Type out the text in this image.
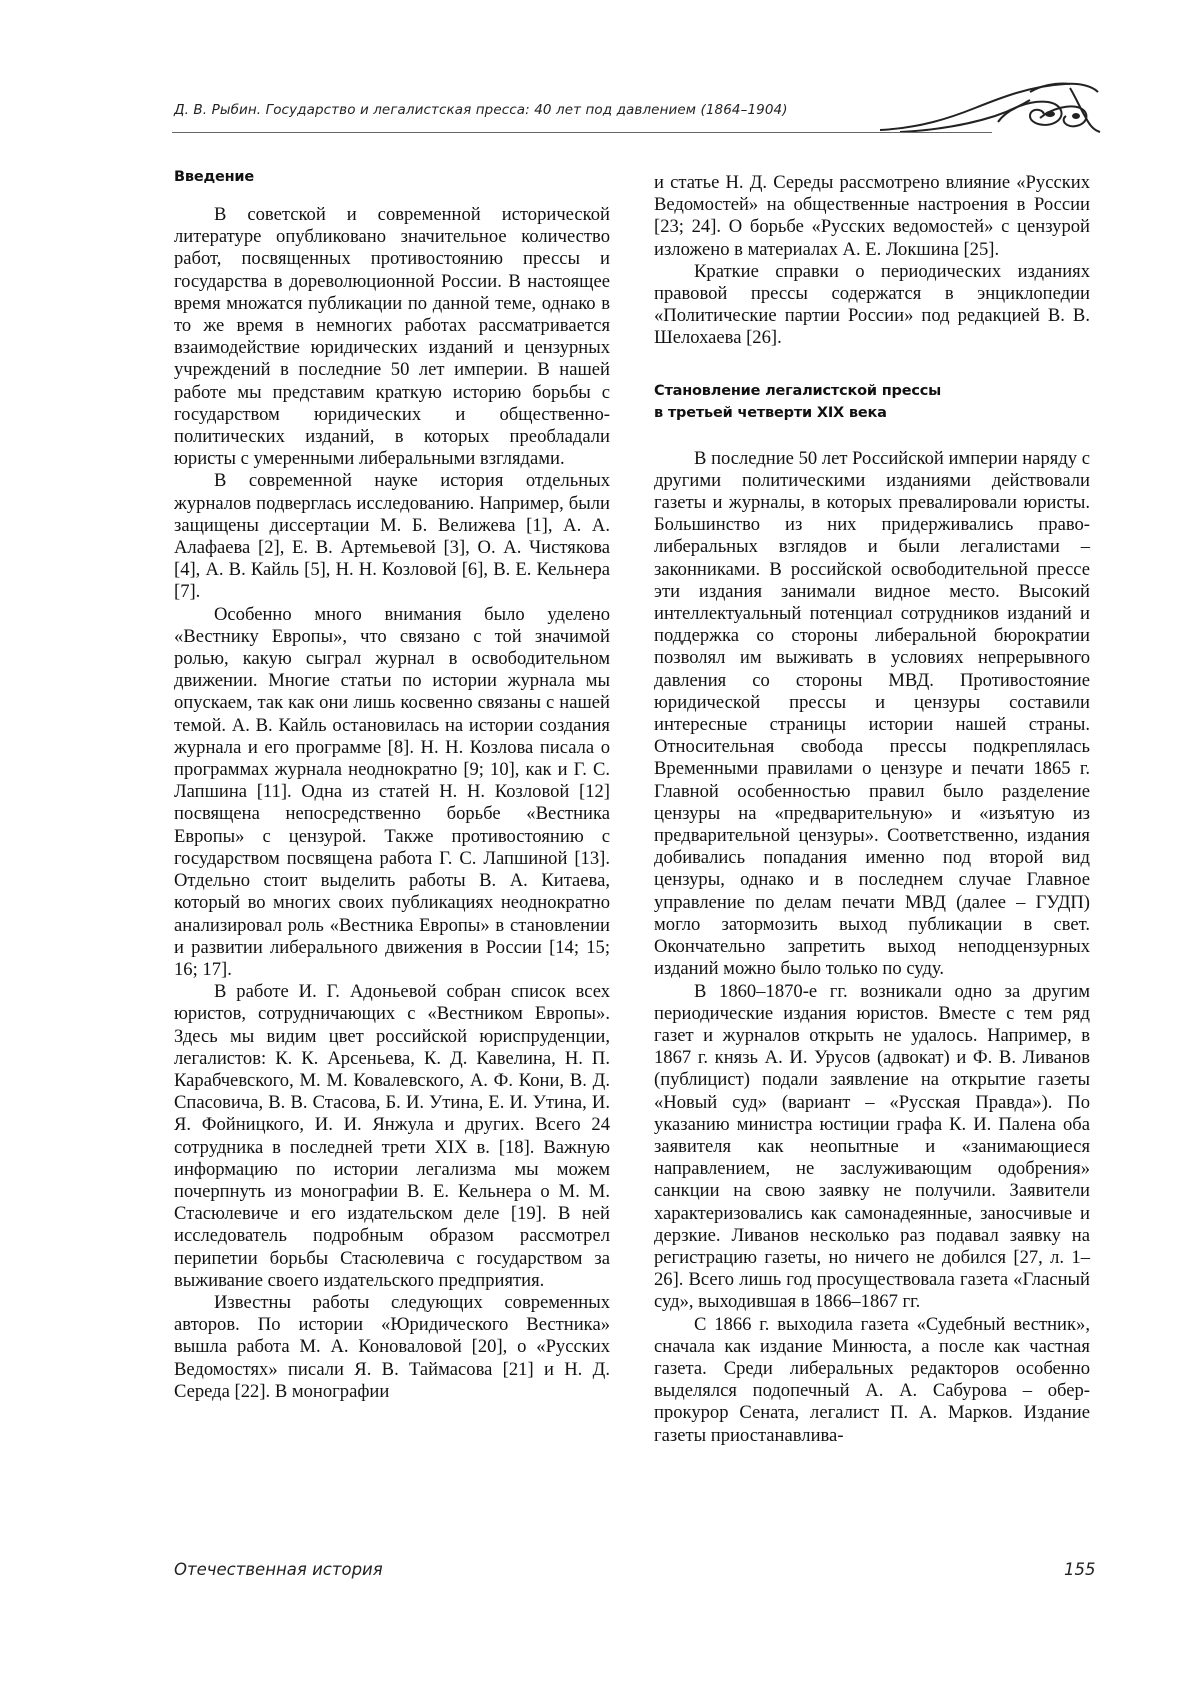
Д. В. Рыбин. Государство и легалистская пресса: 40 лет под давлением (1864–1904)
Введение

В советской и современной исторической литературе опубликовано значительное количество работ, посвященных противостоянию прессы и государства в дореволюционной России. В настоящее время множатся публикации по данной теме, однако в то же время в немногих работах рассматривается взаимодействие юридических изданий и цензурных учреждений в последние 50 лет империи. В нашей работе мы представим краткую историю борьбы с государством юридических и общественно-политических изданий, в которых преобладали юристы с умеренными либеральными взглядами.

В современной науке история отдельных журналов подверглась исследованию. Например, были защищены диссертации М. Б. Велижева [1], А. А. Алафаева [2], Е. В. Артемьевой [3], О. А. Чистякова [4], А. В. Кайль [5], Н. Н. Козловой [6], В. Е. Кельнера [7].

Особенно много внимания было уделено «Вестнику Европы», что связано с той значимой ролью, какую сыграл журнал в освободительном движении. Многие статьи по истории журнала мы опускаем, так как они лишь косвенно связаны с нашей темой. А. В. Кайль остановилась на истории создания журнала и его программе [8]. Н. Н. Козлова писала о программах журнала неоднократно [9; 10], как и Г. С. Лапшина [11]. Одна из статей Н. Н. Козловой [12] посвящена непосредственно борьбе «Вестника Европы» с цензурой. Также противостоянию с государством посвящена работа Г. С. Лапшиной [13]. Отдельно стоит выделить работы В. А. Китаева, который во многих своих публикациях неоднократно анализировал роль «Вестника Европы» в становлении и развитии либерального движения в России [14; 15; 16; 17].

В работе И. Г. Адоньевой собран список всех юристов, сотрудничающих с «Вестником Европы». Здесь мы видим цвет российской юриспруденции, легалистов: К. К. Арсеньева, К. Д. Кавелина, Н. П. Карабчевского, М. М. Ковалевского, А. Ф. Кони, В. Д. Спасовича, В. В. Стасова, Б. И. Утина, Е. И. Утина, И. Я. Фойницкого, И. И. Янжула и других. Всего 24 сотрудника в последней трети XIX в. [18]. Важную информацию по истории легализма мы можем почерпнуть из монографии В. Е. Кельнера о М. М. Стасюлевиче и его издательском деле [19]. В ней исследователь подробным образом рассмотрел перипетии борьбы Стасюлевича с государством за выживание своего издательского предприятия.

Известны работы следующих современных авторов. По истории «Юридического Вестника» вышла работа М. А. Коноваловой [20], о «Русских Ведомостях» писали Я. В. Таймасова [21] и Н. Д. Середа [22]. В монографии

и статье Н. Д. Середы рассмотрено влияние «Русских Ведомостей» на общественные настроения в России [23; 24]. О борьбе «Русских ведомостей» с цензурой изложено в материалах А. Е. Локшина [25].

Краткие справки о периодических изданиях правовой прессы содержатся в энциклопедии «Политические партии России» под редакцией В. В. Шелохаева [26].

Становление легалистской прессы
в третьей четверти XIX века

В последние 50 лет Российской империи наряду с другими политическими изданиями действовали газеты и журналы, в которых превалировали юристы. Большинство из них придерживались право-либеральных взглядов и были легалистами – законниками. В российской освободительной прессе эти издания занимали видное место. Высокий интеллектуальный потенциал сотрудников изданий и поддержка со стороны либеральной бюрократии позволял им выживать в условиях непрерывного давления со стороны МВД. Противостояние юридической прессы и цензуры составили интересные страницы истории нашей страны. Относительная свобода прессы подкреплялась Временными правилами о цензуре и печати 1865 г. Главной особенностью правил было разделение цензуры на «предварительную» и «изъятую из предварительной цензуры». Соответственно, издания добивались попадания именно под второй вид цензуры, однако и в последнем случае Главное управление по делам печати МВД (далее – ГУДП) могло затормозить выход публикации в свет. Окончательно запретить выход неподцензурных изданий можно было только по суду.

В 1860–1870-е гг. возникали одно за другим периодические издания юристов. Вместе с тем ряд газет и журналов открыть не удалось. Например, в 1867 г. князь А. И. Урусов (адвокат) и Ф. В. Ливанов (публицист) подали заявление на открытие газеты «Новый суд» (вариант – «Русская Правда»). По указанию министра юстиции графа К. И. Палена оба заявителя как неопытные и «занимающиеся направлением, не заслуживающим одобрения» санкции на свою заявку не получили. Заявители характеризовались как самонадеянные, заносчивые и дерзкие. Ливанов несколько раз подавал заявку на регистрацию газеты, но ничего не добился [27, л. 1–26]. Всего лишь год просуществовала газета «Гласный суд», выходившая в 1866–1867 гг.

С 1866 г. выходила газета «Судебный вестник», сначала как издание Минюста, а после как частная газета. Среди либеральных редакторов особенно выделялся подопечный А. А. Сабурова – обер-прокурор Сената, легалист П. А. Марков. Издание газеты приостанавлива-

Отечественная история	155
